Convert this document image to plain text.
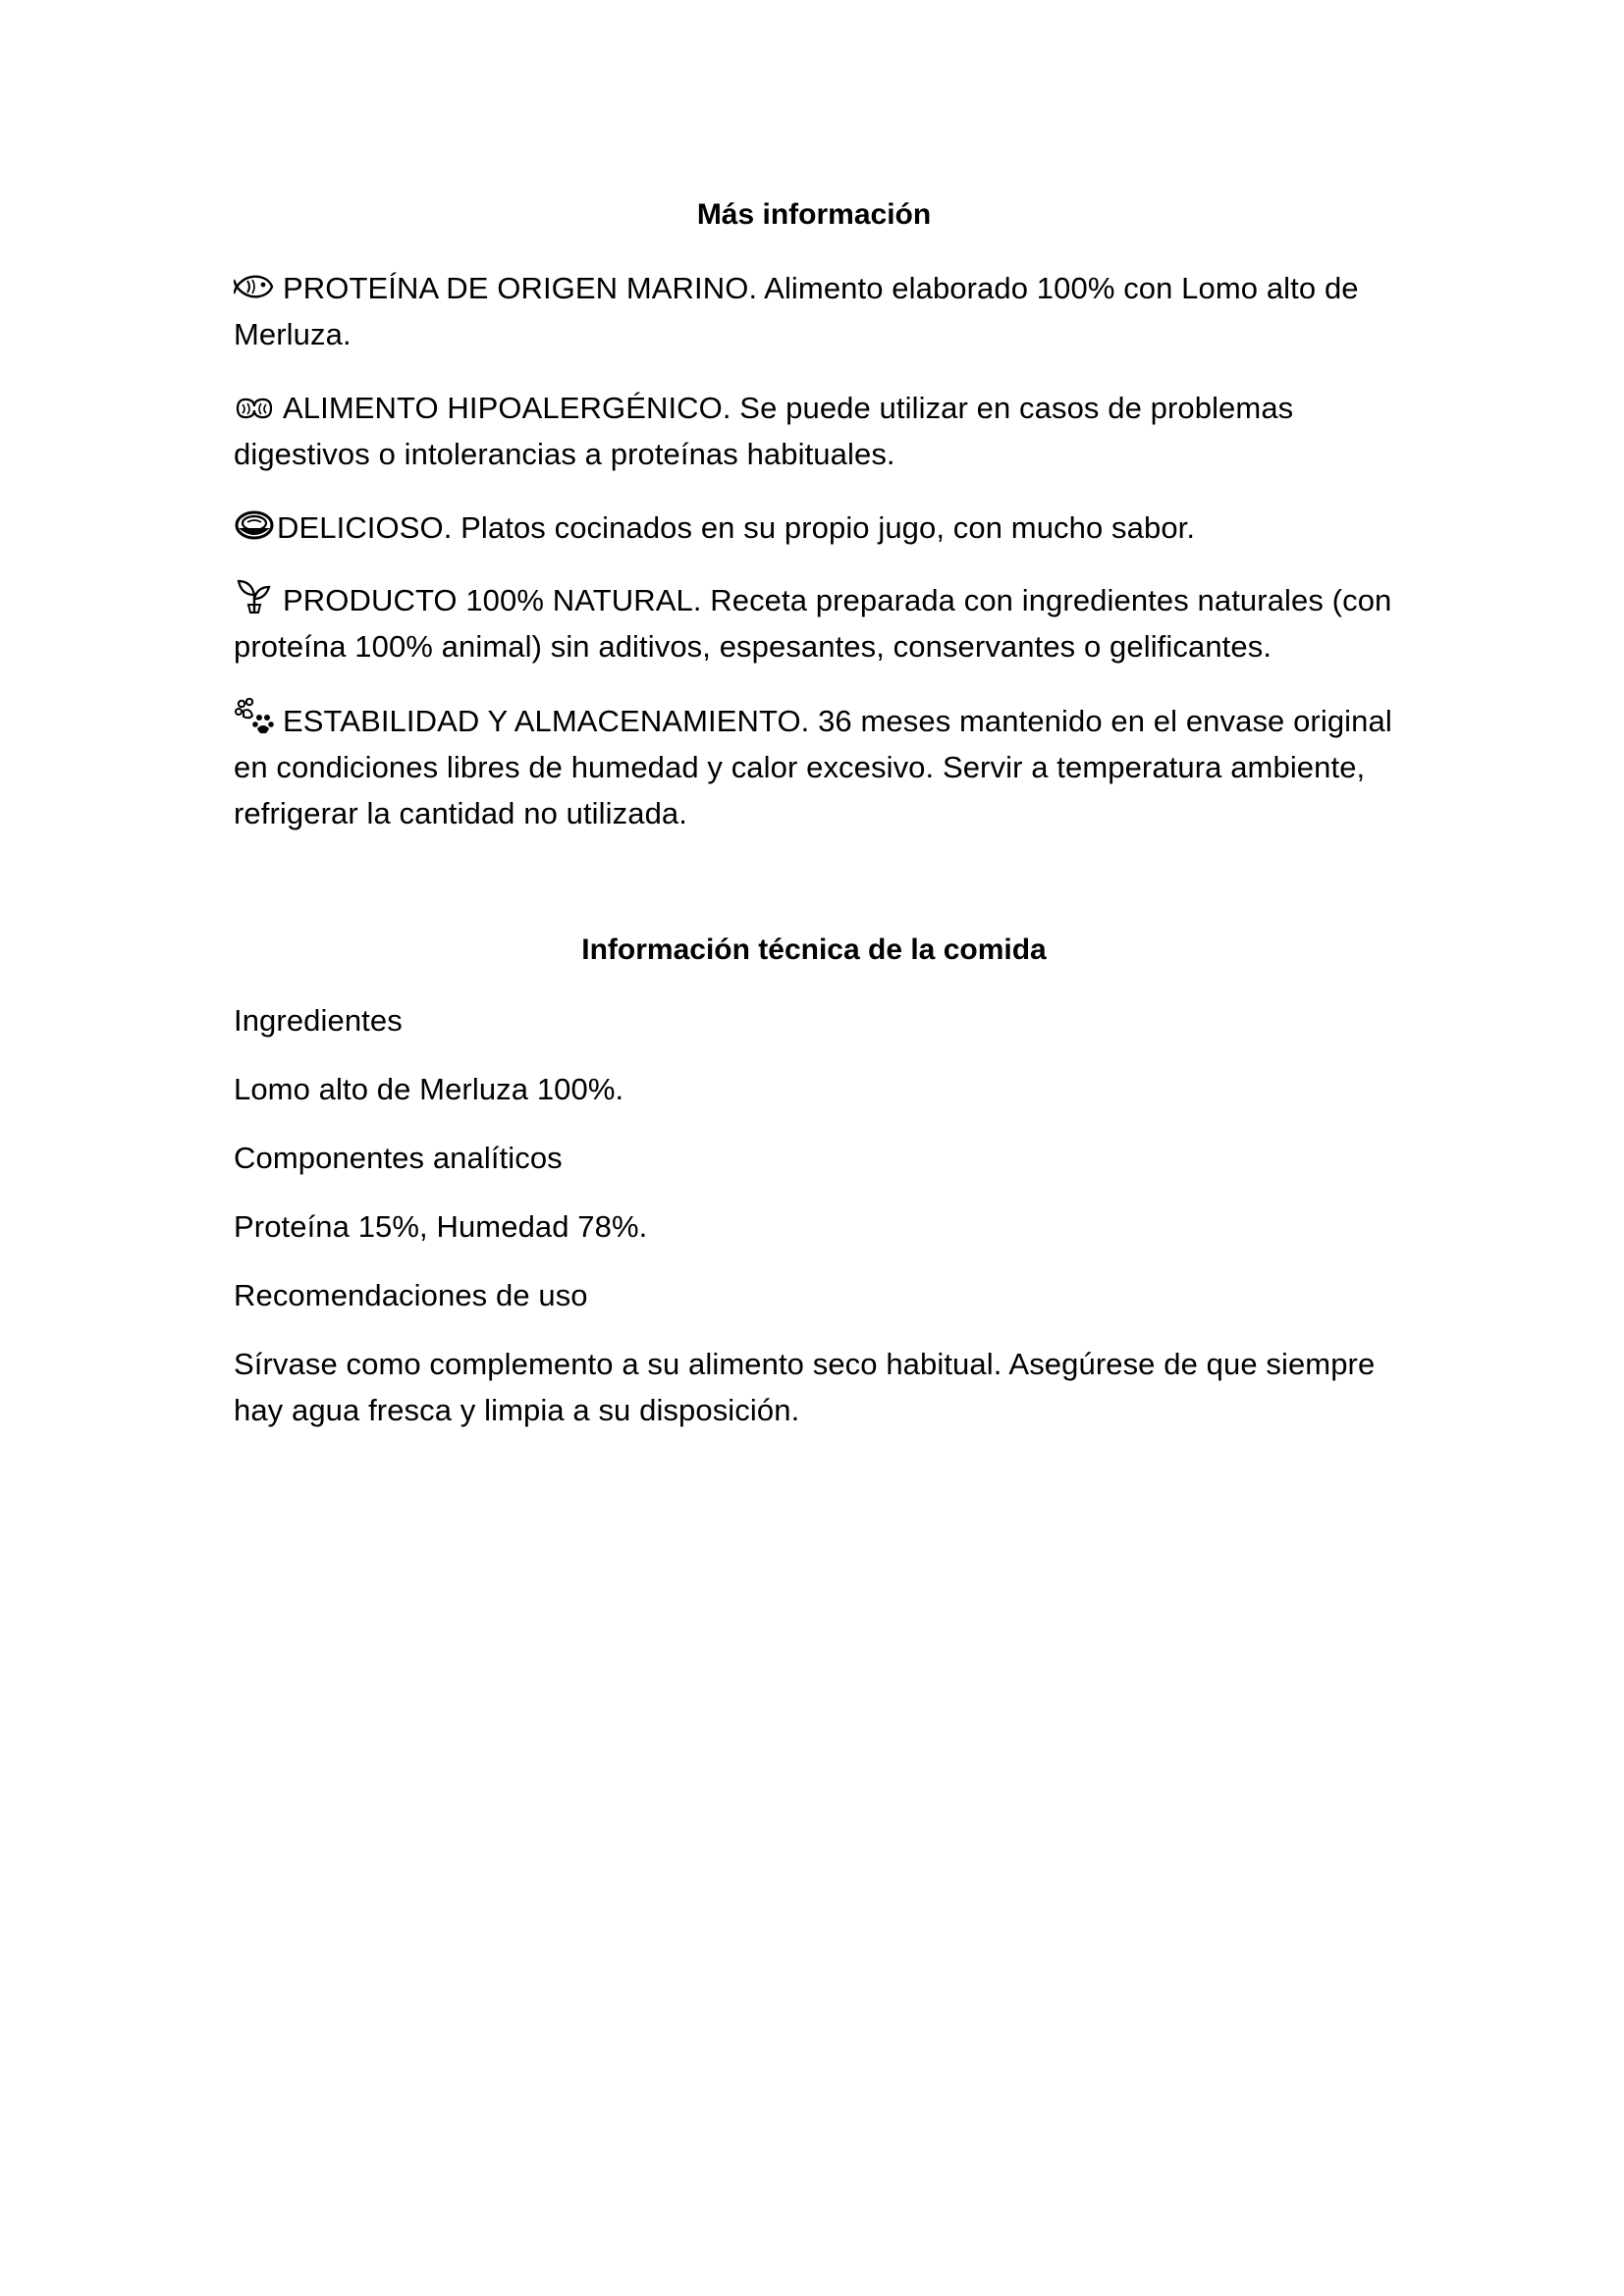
Más información

PROTEÍNA DE ORIGEN MARINO. Alimento elaborado 100% con Lomo alto de Merluza.

ALIMENTO HIPOALERGÉNICO. Se puede utilizar en casos de problemas digestivos o intolerancias a proteínas habituales.

DELICIOSO. Platos cocinados en su propio jugo, con mucho sabor.

PRODUCTO 100% NATURAL. Receta preparada con ingredientes naturales (con proteína 100% animal) sin aditivos, espesantes, conservantes o gelificantes.

ESTABILIDAD Y ALMACENAMIENTO. 36 meses mantenido en el envase original en condiciones libres de humedad y calor excesivo. Servir a temperatura ambiente, refrigerar la cantidad no utilizada.

Información técnica de la comida

Ingredientes

Lomo alto de Merluza 100%.

Componentes analíticos

Proteína 15%, Humedad 78%.

Recomendaciones de uso

Sírvase como complemento a su alimento seco habitual. Asegúrese de que siempre hay agua fresca y limpia a su disposición.
